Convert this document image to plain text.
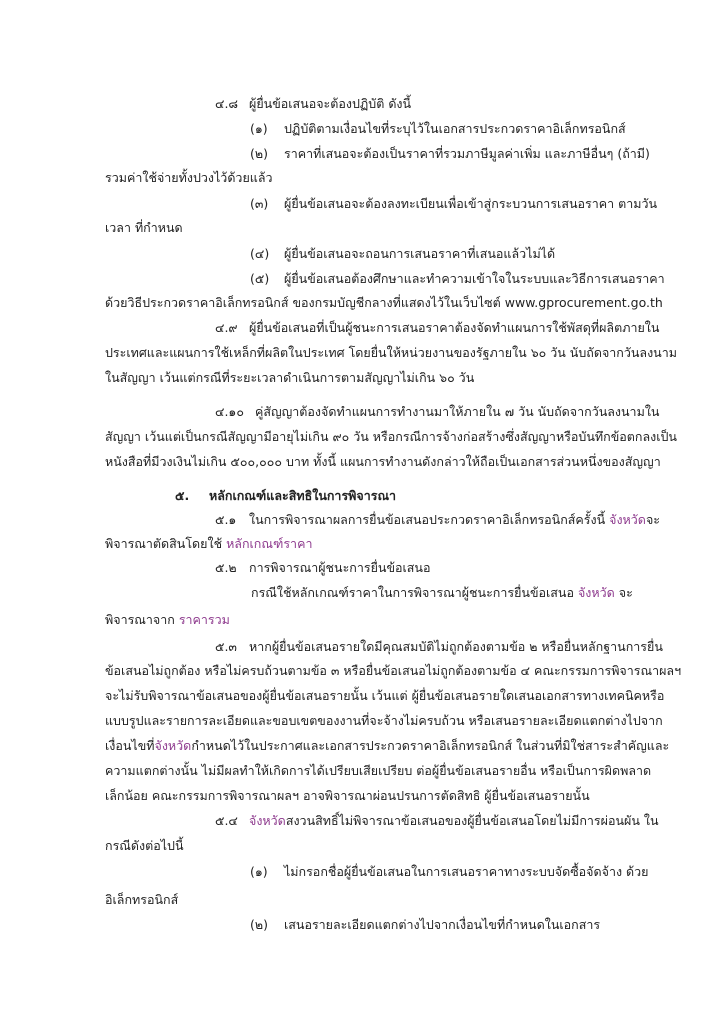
๔.๘ ผู้ยื่นข้อเสนอจะต้องปฏิบัติ ดังนี้
(๑) ปฏิบัติตามเงื่อนไขที่ระบุไว้ในเอกสารประกวดราคาอิเล็กทรอนิกส์
(๒) ราคาที่เสนอจะต้องเป็นราคาที่รวมภาษีมูลค่าเพิ่ม และภาษีอื่นๆ (ถ้ามี)
รวมค่าใช้จ่ายทั้งปวงไว้ด้วยแล้ว
(๓) ผู้ยื่นข้อเสนอจะต้องลงทะเบียนเพื่อเข้าสู่กระบวนการเสนอราคา ตามวัน
เวลา ที่กำหนด
(๔) ผู้ยื่นข้อเสนอจะถอนการเสนอราคาที่เสนอแล้วไม่ได้
(๕) ผู้ยื่นข้อเสนอต้องศึกษาและทำความเข้าใจในระบบและวิธีการเสนอราคา
ด้วยวิธีประกวดราคาอิเล็กทรอนิกส์ ของกรมบัญชีกลางที่แสดงไว้ในเว็บไซต์ www.gprocurement.go.th
๔.๙ ผู้ยื่นข้อเสนอที่เป็นผู้ชนะการเสนอราคาต้องจัดทำแผนการใช้พัสดุที่ผลิตภายใน
ประเทศและแผนการใช้เหล็กที่ผลิตในประเทศ โดยยื่นให้หน่วยงานของรัฐภายใน ๖๐ วัน นับถัดจากวันลงนาม
ในสัญญา เว้นแต่กรณีที่ระยะเวลาดำเนินการตามสัญญาไม่เกิน ๖๐ วัน
๔.๑๐ คู่สัญญาต้องจัดทำแผนการทำงานมาให้ภายใน ๗ วัน นับถัดจากวันลงนามใน
สัญญา เว้นแต่เป็นกรณีสัญญามีอายุไม่เกิน ๙๐ วัน หรือกรณีการจ้างก่อสร้างซึ่งสัญญาหรือบันทึกข้อตกลงเป็น
หนังสือที่มีวงเงินไม่เกิน ๕๐๐,๐๐๐ บาท ทั้งนี้ แผนการทำงานดังกล่าวให้ถือเป็นเอกสารส่วนหนึ่งของสัญญา
๕. หลักเกณฑ์และสิทธิในการพิจารณา
๕.๑ ในการพิจารณาผลการยื่นข้อเสนอประกวดราคาอิเล็กทรอนิกส์ครั้งนี้ จังหวัดจะ
พิจารณาตัดสินโดยใช้ หลักเกณฑ์ราคา
๕.๒ การพิจารณาผู้ชนะการยื่นข้อเสนอ
กรณีใช้หลักเกณฑ์ราคาในการพิจารณาผู้ชนะการยื่นข้อเสนอ จังหวัด จะ
พิจารณาจาก ราคารวม
๕.๓ หากผู้ยื่นข้อเสนอรายใดมีคุณสมบัติไม่ถูกต้องตามข้อ ๒ หรือยื่นหลักฐานการยื่น
ข้อเสนอไม่ถูกต้อง หรือไม่ครบถ้วนตามข้อ ๓ หรือยื่นข้อเสนอไม่ถูกต้องตามข้อ ๔ คณะกรรมการพิจารณาผลฯ
จะไม่รับพิจารณาข้อเสนอของผู้ยื่นข้อเสนอรายนั้น เว้นแต่ ผู้ยื่นข้อเสนอรายใดเสนอเอกสารทางเทคนิคหรือ
แบบรูปและรายการละเอียดและขอบเขตของงานที่จะจ้างไม่ครบถ้วน หรือเสนอรายละเอียดแตกต่างไปจาก
เงื่อนไขที่จังหวัดกำหนดไว้ในประกาศและเอกสารประกวดราคาอิเล็กทรอนิกส์ ในส่วนที่มิใช่สาระสำคัญและ
ความแตกต่างนั้น ไม่มีผลทำให้เกิดการได้เปรียบเสียเปรียบ ต่อผู้ยื่นข้อเสนอรายอื่น หรือเป็นการผิดพลาด
เล็กน้อย คณะกรรมการพิจารณาผลฯ อาจพิจารณาผ่อนปรนการตัดสิทธิ ผู้ยื่นข้อเสนอรายนั้น
๕.๔ จังหวัดสงวนสิทธิ์ไม่พิจารณาข้อเสนอของผู้ยื่นข้อเสนอโดยไม่มีการผ่อนผัน ใน
กรณีดังต่อไปนี้
(๑) ไม่กรอกชื่อผู้ยื่นข้อเสนอในการเสนอราคาทางระบบจัดซื้อจัดจ้าง ด้วย
อิเล็กทรอนิกส์
(๒) เสนอรายละเอียดแตกต่างไปจากเงื่อนไขที่กำหนดในเอกสาร
